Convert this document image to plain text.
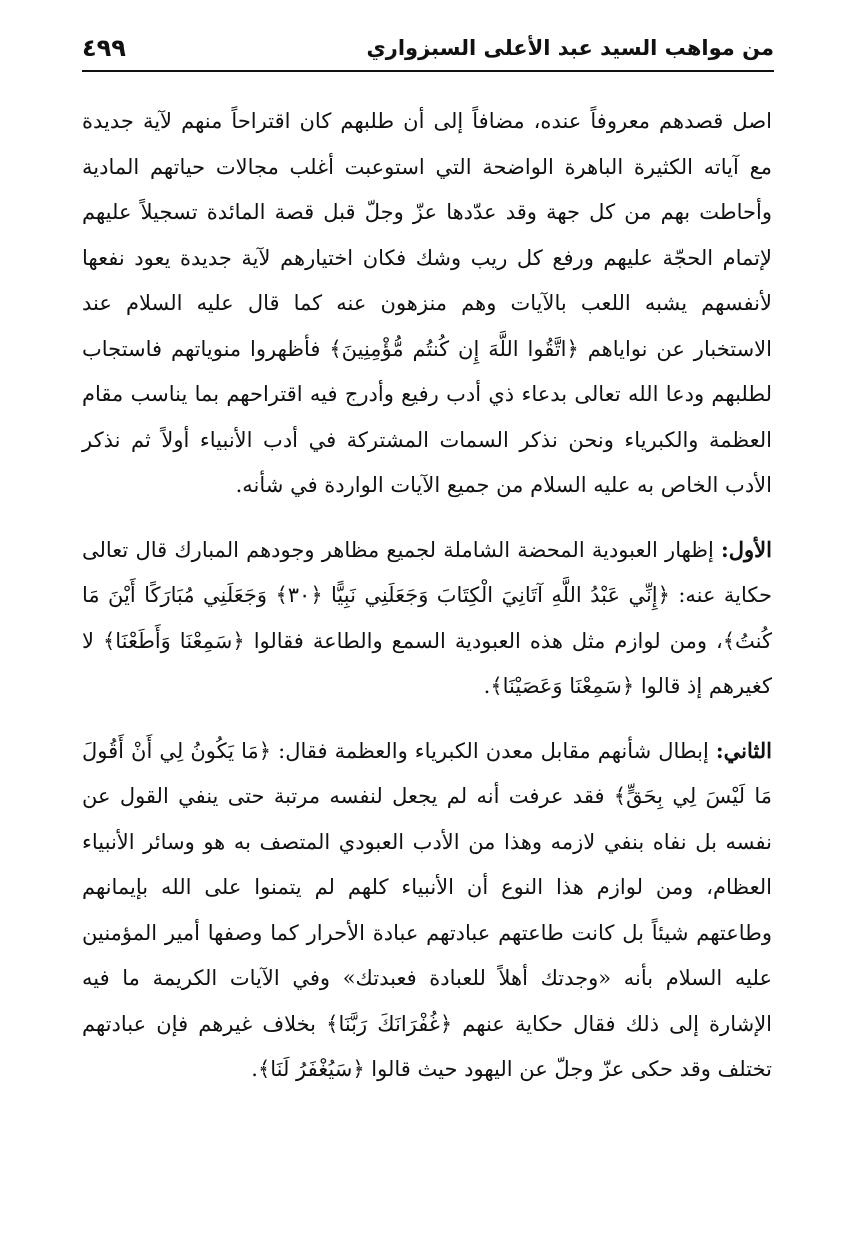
٤٩٩	من مواهب السيد عبد الأعلى السبزواري

اصل قصدهم معروفاً عنده، مضافاً إلى أن طلبهم كان اقتراحاً منهم لآية جديدة مع آياته الكثيرة الباهرة الواضحة التي استوعبت أغلب مجالات حياتهم المادية وأحاطت بهم من كل جهة وقد عدّدها عزّ وجلّ قبل قصة المائدة تسجيلاً عليهم لإتمام الحجّة عليهم ورفع كل ريب وشك فكان اختيارهم لآية جديدة يعود نفعها لأنفسهم يشبه اللعب بالآيات وهم منزهون عنه كما قال عليه السلام عند الاستخبار عن نواياهم ﴿اتَّقُوا اللَّهَ إِن كُنتُم مُّؤْمِنِينَ﴾ فأظهروا منوياتهم فاستجاب لطلبهم ودعا الله تعالى بدعاء ذي أدب رفيع وأدرج فيه اقتراحهم بما يناسب مقام العظمة والكبرياء ونحن نذكر السمات المشتركة في أدب الأنبياء أولاً ثم نذكر الأدب الخاص به عليه السلام من جميع الآيات الواردة في شأنه.

الأول: إظهار العبودية المحضة الشاملة لجميع مظاهر وجودهم المبارك قال تعالى حكاية عنه: ﴿إِنِّي عَبْدُ اللَّهِ آتَانِيَ الْكِتَابَ وَجَعَلَنِي نَبِيًّا ﴿٣٠﴾ وَجَعَلَنِي مُبَارَكًا أَيْنَ مَا كُنتُ﴾، ومن لوازم مثل هذه العبودية السمع والطاعة فقالوا ﴿سَمِعْنَا وَأَطَعْنَا﴾ لا كغيرهم إذ قالوا ﴿سَمِعْنَا وَعَصَيْنَا﴾.

الثاني: إبطال شأنهم مقابل معدن الكبرياء والعظمة فقال: ﴿مَا يَكُونُ لِي أَنْ أَقُولَ مَا لَيْسَ لِي بِحَقٍّ﴾ فقد عرفت أنه لم يجعل لنفسه مرتبة حتى ينفي القول عن نفسه بل نفاه بنفي لازمه وهذا من الأدب العبودي المتصف به هو وسائر الأنبياء العظام، ومن لوازم هذا النوع أن الأنبياء كلهم لم يتمنوا على الله بإيمانهم وطاعتهم شيئاً بل كانت طاعتهم عبادتهم عبادة الأحرار كما وصفها أمير المؤمنين عليه السلام بأنه «وجدتك أهلاً للعبادة فعبدتك» وفي الآيات الكريمة ما فيه الإشارة إلى ذلك فقال حكاية عنهم ﴿غُفْرَانَكَ رَبَّنَا﴾ بخلاف غيرهم فإن عبادتهم تختلف وقد حكى عزّ وجلّ عن اليهود حيث قالوا ﴿سَيُغْفَرُ لَنَا﴾.
